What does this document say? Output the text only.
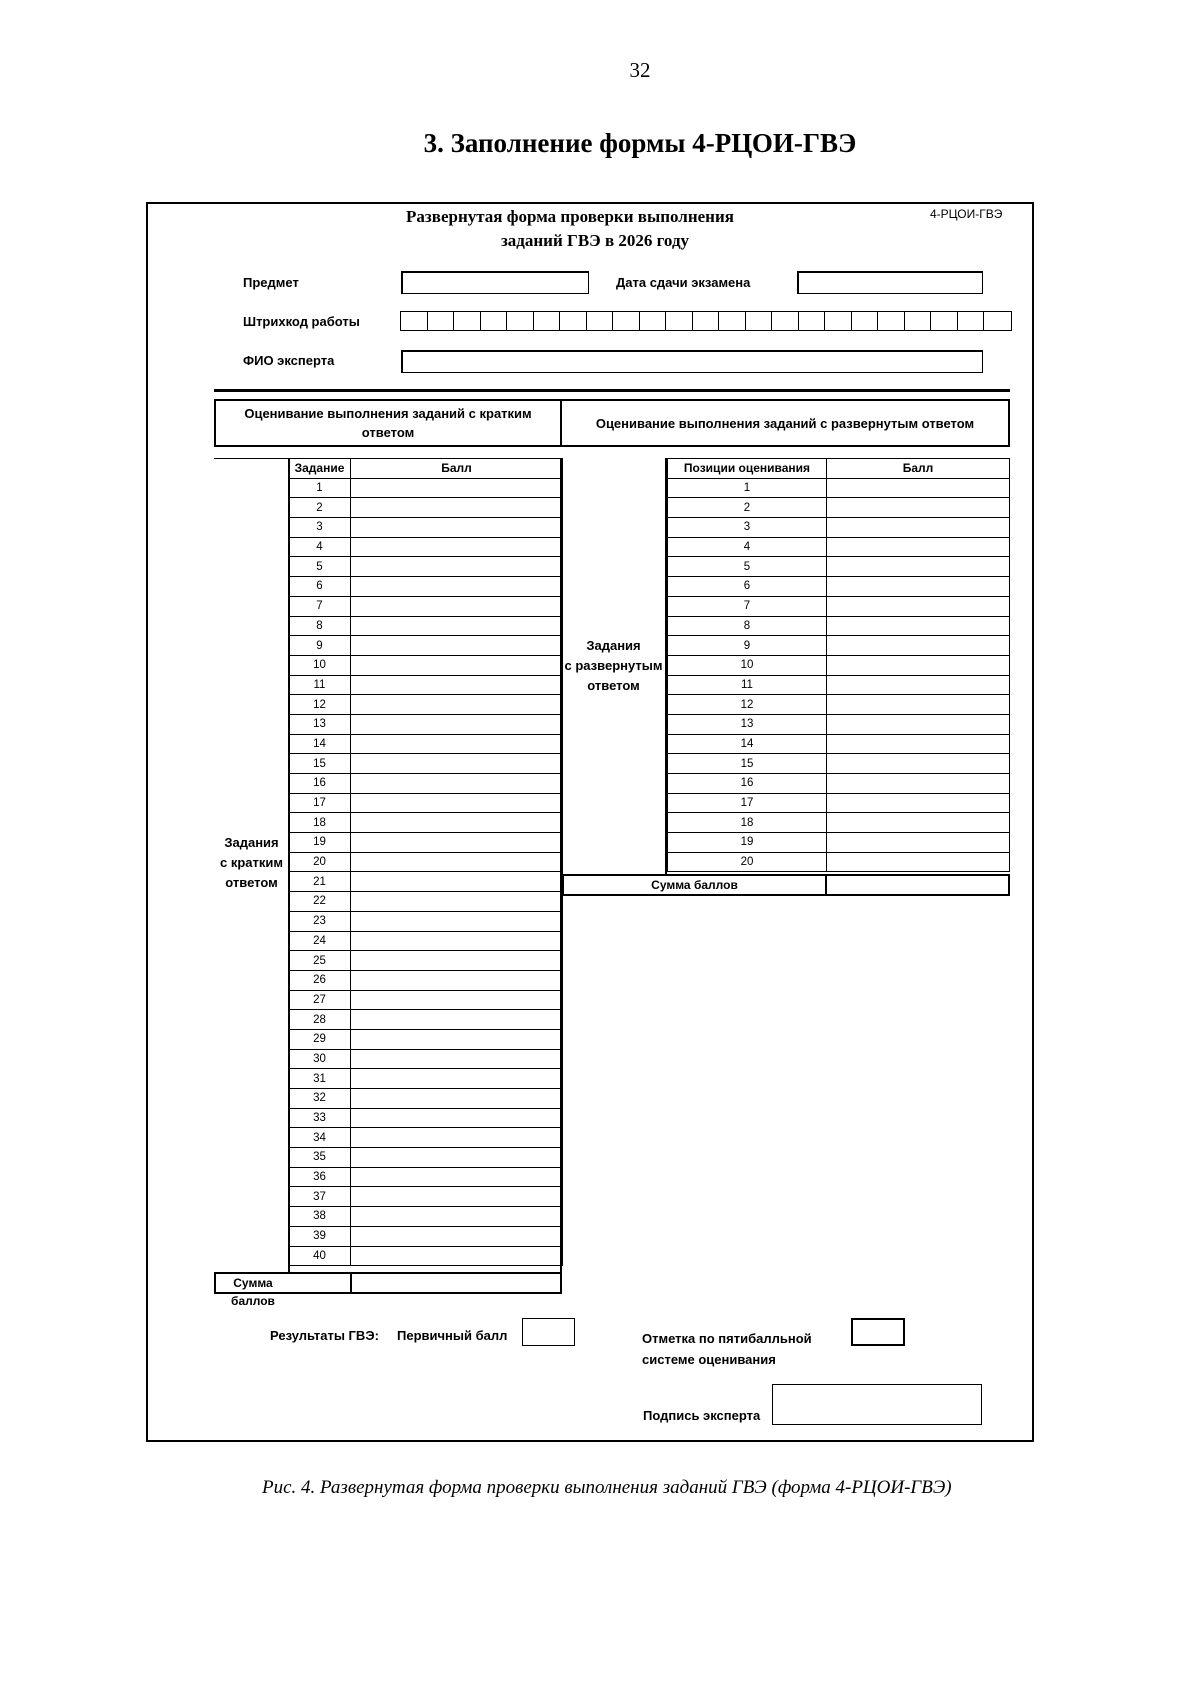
32
3. Заполнение формы 4-РЦОИ-ГВЭ
Развернутая форма проверки выполнения
заданий ГВЭ в 2026 году
4-РЦОИ-ГВЭ
Предмет	Дата сдачи экзамена
Штрихкод работы
ФИО эксперта
Оценивание выполнения заданий с кратким
ответом
Оценивание выполнения заданий с развернутым ответом
Задания
с кратким
ответом
Задание	Балл
1	
2	
3	
4	
5	
6	
7	
8	
9	
10	
11	
12	
13	
14	
15	
16	
17	
18	
19	
20	
21	
22	
23	
24	
25	
26	
27	
28	
29	
30	
31	
32	
33	
34	
35	
36	
37	
38	
39	
40	
Сумма баллов
Задания
с развернутым
ответом
Позиции оценивания	Балл
1	
2	
3	
4	
5	
6	
7	
8	
9	
10	
11	
12	
13	
14	
15	
16	
17	
18	
19	
20	
Сумма баллов
Результаты ГВЭ: Первичный балл	Отметка по пятибалльной
системе оценивания
Подпись эксперта
Рис. 4. Развернутая форма проверки выполнения заданий ГВЭ (форма 4-РЦОИ-ГВЭ)
